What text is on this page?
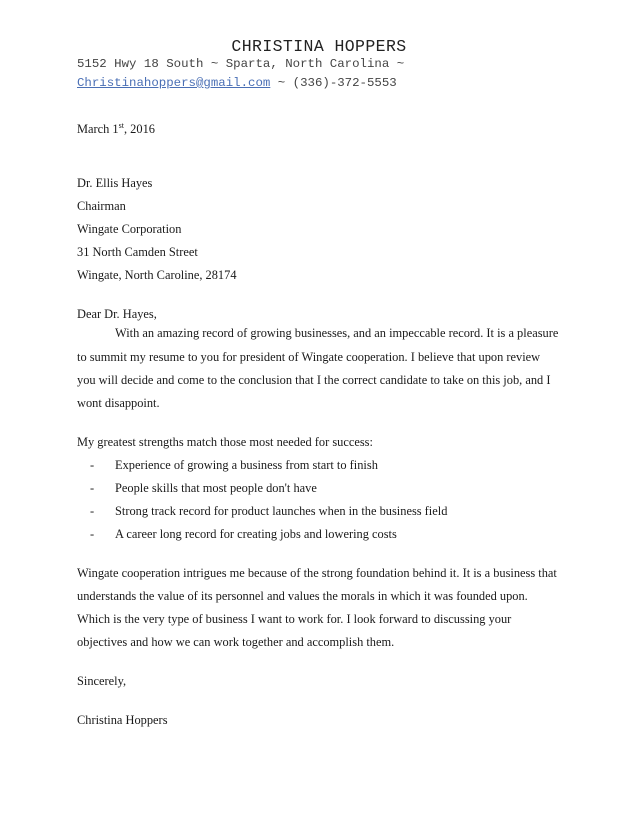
CHRISTINA HOPPERS
5152 Hwy 18 South ~ Sparta, North Carolina ~
Christinahoppers@gmail.com ~ (336)-372-5553
March 1st, 2016
Dr. Ellis Hayes
Chairman
Wingate Corporation
31 North Camden Street
Wingate, North Caroline, 28174
Dear Dr. Hayes,
With an amazing record of growing businesses, and an impeccable record. It is a pleasure
to summit my resume to you for president of Wingate cooperation. I believe that upon review
you will decide and come to the conclusion that I the correct candidate to take on this job, and I
wont disappoint.
My greatest strengths match those most needed for success:
- Experience of growing a business from start to finish
- People skills that most people don't have
- Strong track record for product launches when in the business field
- A career long record for creating jobs and lowering costs
Wingate cooperation intrigues me because of the strong foundation behind it. It is a business that
understands the value of its personnel and values the morals in which it was founded upon.
Which is the very type of business I want to work for. I look forward to discussing your
objectives and how we can work together and accomplish them.
Sincerely,
Christina Hoppers
